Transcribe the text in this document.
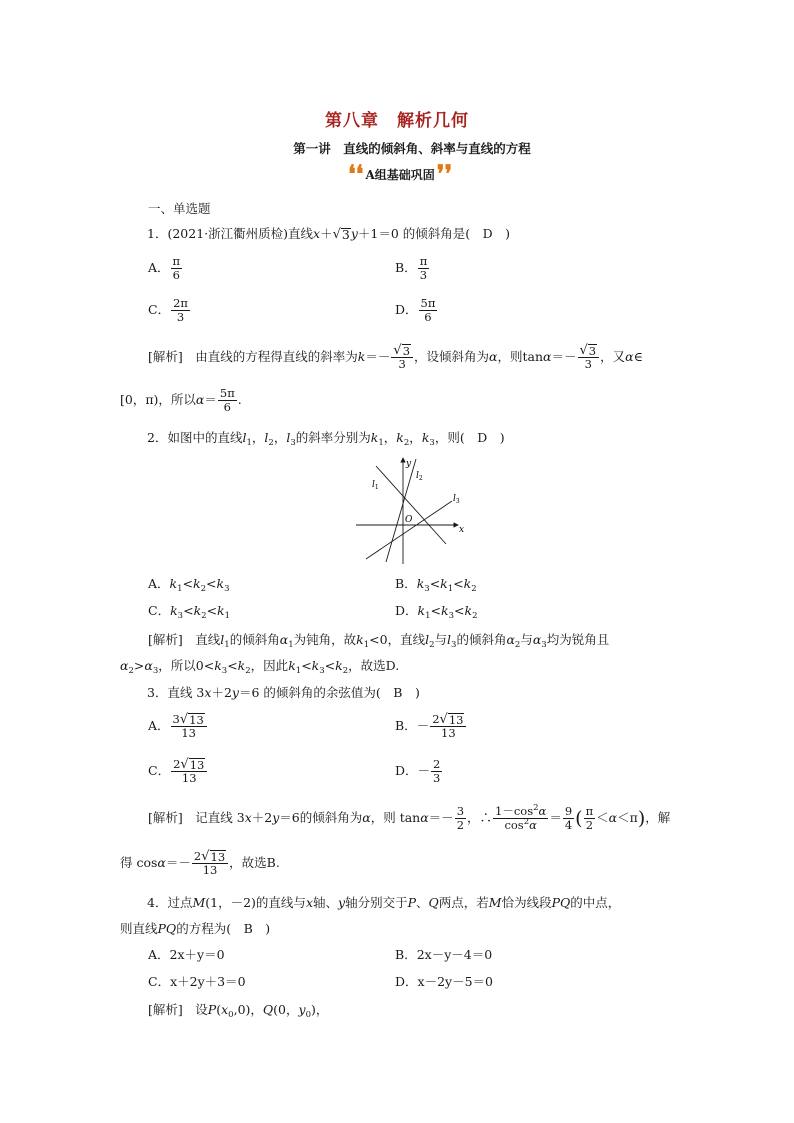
第八章　解析几何
第一讲　直线的倾斜角、斜率与直线的方程
❛❛ A组基础巩固 ❜❜
一、单选题
1．(2021·浙江衢州质检)直线x＋ √ 3 y＋1＝0 的倾斜角是(　D　)
A． $\frac{\pi}{6}$	B． $\frac{\pi}{3}$
C． $\frac{2\pi}{3}$	D． $\frac{5\pi}{6}$
[解析]　 由直线的方程得直线的斜率为$k=- \frac{√ 3}{3}$ ，设倾斜角为α，则$\tan\alpha=- \frac{√ 3}{3}$ ，又α∈
[0，π)，所以$\alpha= \frac{5\pi}{6}$ .
2．如图中的直线$l_1$，$l_2$，$l_3$的斜率分别为$k_1$，$k_2$，$k_3$，则(　D　)
y
x
O
$l_1$
$l_2$
$l_3$
A．$k_1<k_2<k_3$	B．$k_3<k_1<k_2$
C．$k_3<k_2<k_1$	D．$k_1<k_3<k_2$
[解析]　 直线$l_1$的倾斜角$\alpha_1$为钝角，故$k_1<0$，直线$l_2$与$l_3$的倾斜角$\alpha_2$与$\alpha_3$均为锐角且
$\alpha_2>\alpha_3$，所以$0<k_3<k_2$，因此$k_1<k_3<k_2$，故选D.
3．直线 3x＋2y＝6 的倾斜角的余弦值为(　B　)
A． $\frac{3 √ 13}{13}$	B．－ $\frac{2 √ 13}{13}$
C． $\frac{2 √ 13}{13}$	D．－ $\frac{2}{3}$
[解析]　 记直线 3x＋2y＝6的倾斜角为α，则 $\tan\alpha=- \frac{3}{2}$ ，∴ $\frac{1-\cos^2\alpha}{\cos^2\alpha} = \frac{9}{4}$ ( $\frac{\pi}{2} <\alpha<\pi$)，解
得 $\cos\alpha=- \frac{2 √ 13}{13}$ ，故选B.
4．过点M(1，－2)的直线与x轴、y轴分别交于P、Q两点，若M恰为线段PQ的中点，
则直线PQ的方程为(　B　)
A．2x＋y＝0	B．2x－y－4＝0
C．x＋2y＋3＝0	D．x－2y－5＝0
[解析]　 设$P(x_0,0)$，Q(0，$y_0$)，
